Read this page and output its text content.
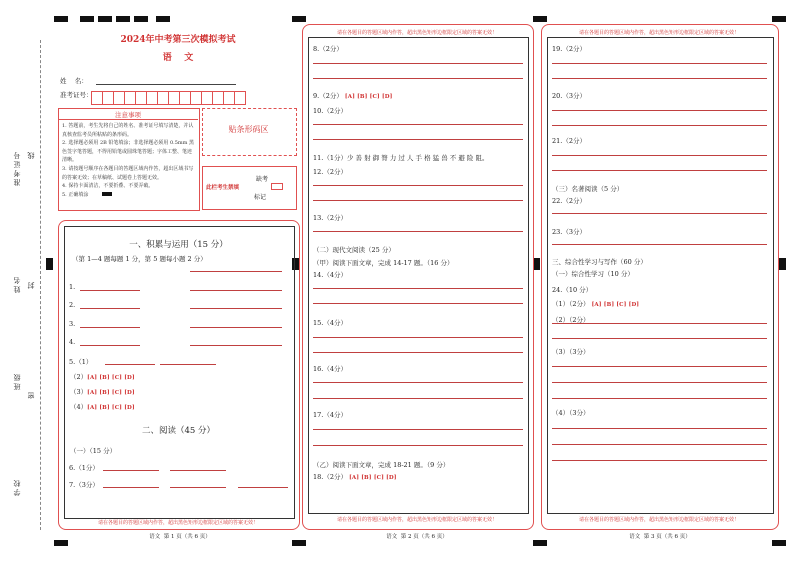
准考证号 线
姓名 封
班级
密
学校
2024年中考第三次模拟考试
语    文
姓    名：
准考证号：
注意事项

1. 答题前，考生先将自己的姓名、准考证号填写清楚，并认真核查监考员所粘贴的条形码。

2. 选择题必须用 2B 铅笔填涂；非选择题必须用 0.5mm 黑色签字笔答题，不得用铅笔或圆珠笔答题；字体工整、笔迹清晰。

3. 请按题号顺序在各题目的答题区域内作答，超出区域书写的答案无效；在草稿纸、试题卷上答题无效。

4. 保持卡面清洁，不要折叠、不要弄破。

5. 正确填涂

贴条形码区
此栏考生禁填
缺考
标记
一、积累与运用（15 分）
（第 1—4 题每题 1 分，第 5 题每小题 2 分）
1.
2.
3.
4.
5.（1）
（2）[A] [B] [C] [D]
（3）[A] [B] [C] [D]
（4）[A] [B] [C] [D]
二、阅读（45 分）
（一）（15 分）
6.（1分）
7.（3分）
请在各题目的答题区域内作答，超出黑色矩形边框限定区域的答案无效！
语文  第 1 页（共 6 页）
请在各题目的答题区域内作答，超出黑色矩形边框限定区域的答案无效！
请在各题目的答题区域内作答，超出黑色矩形边框限定区域的答案无效！
语文  第 2 页（共 6 页）
8.（2分）
9.（2分） [A] [B] [C] [D]
10.（2分）
11.（1分）少 善 射 御 膂 力 过 人 手 格 猛 兽 不 避 险 阻。
12.（2分）
13.（2分）
（二）现代文阅读（25 分）
（甲）阅读下面文章，完成 14-17 题。（16 分）
14.（4分）
15.（4分）
16.（4分）
17.（4分）
（乙）阅读下面文章，完成 18-21 题。（9 分）
18.（2分） [A] [B] [C] [D]
请在各题目的答题区域内作答，超出黑色矩形边框限定区域的答案无效！
请在各题目的答题区域内作答，超出黑色矩形边框限定区域的答案无效！
语文  第 3 页（共 6 页）
19.（2分）
20.（3分）
21.（2分）
（三）名著阅读（5 分）
22.（2分）
23.（3分）
三、综合性学习与写作（60 分）
（一）综合性学习（10 分）
24.（10 分）
（1）（2分） [A] [B] [C] [D]
（2）（2分）
（3）（3分）
（4）（3分）
